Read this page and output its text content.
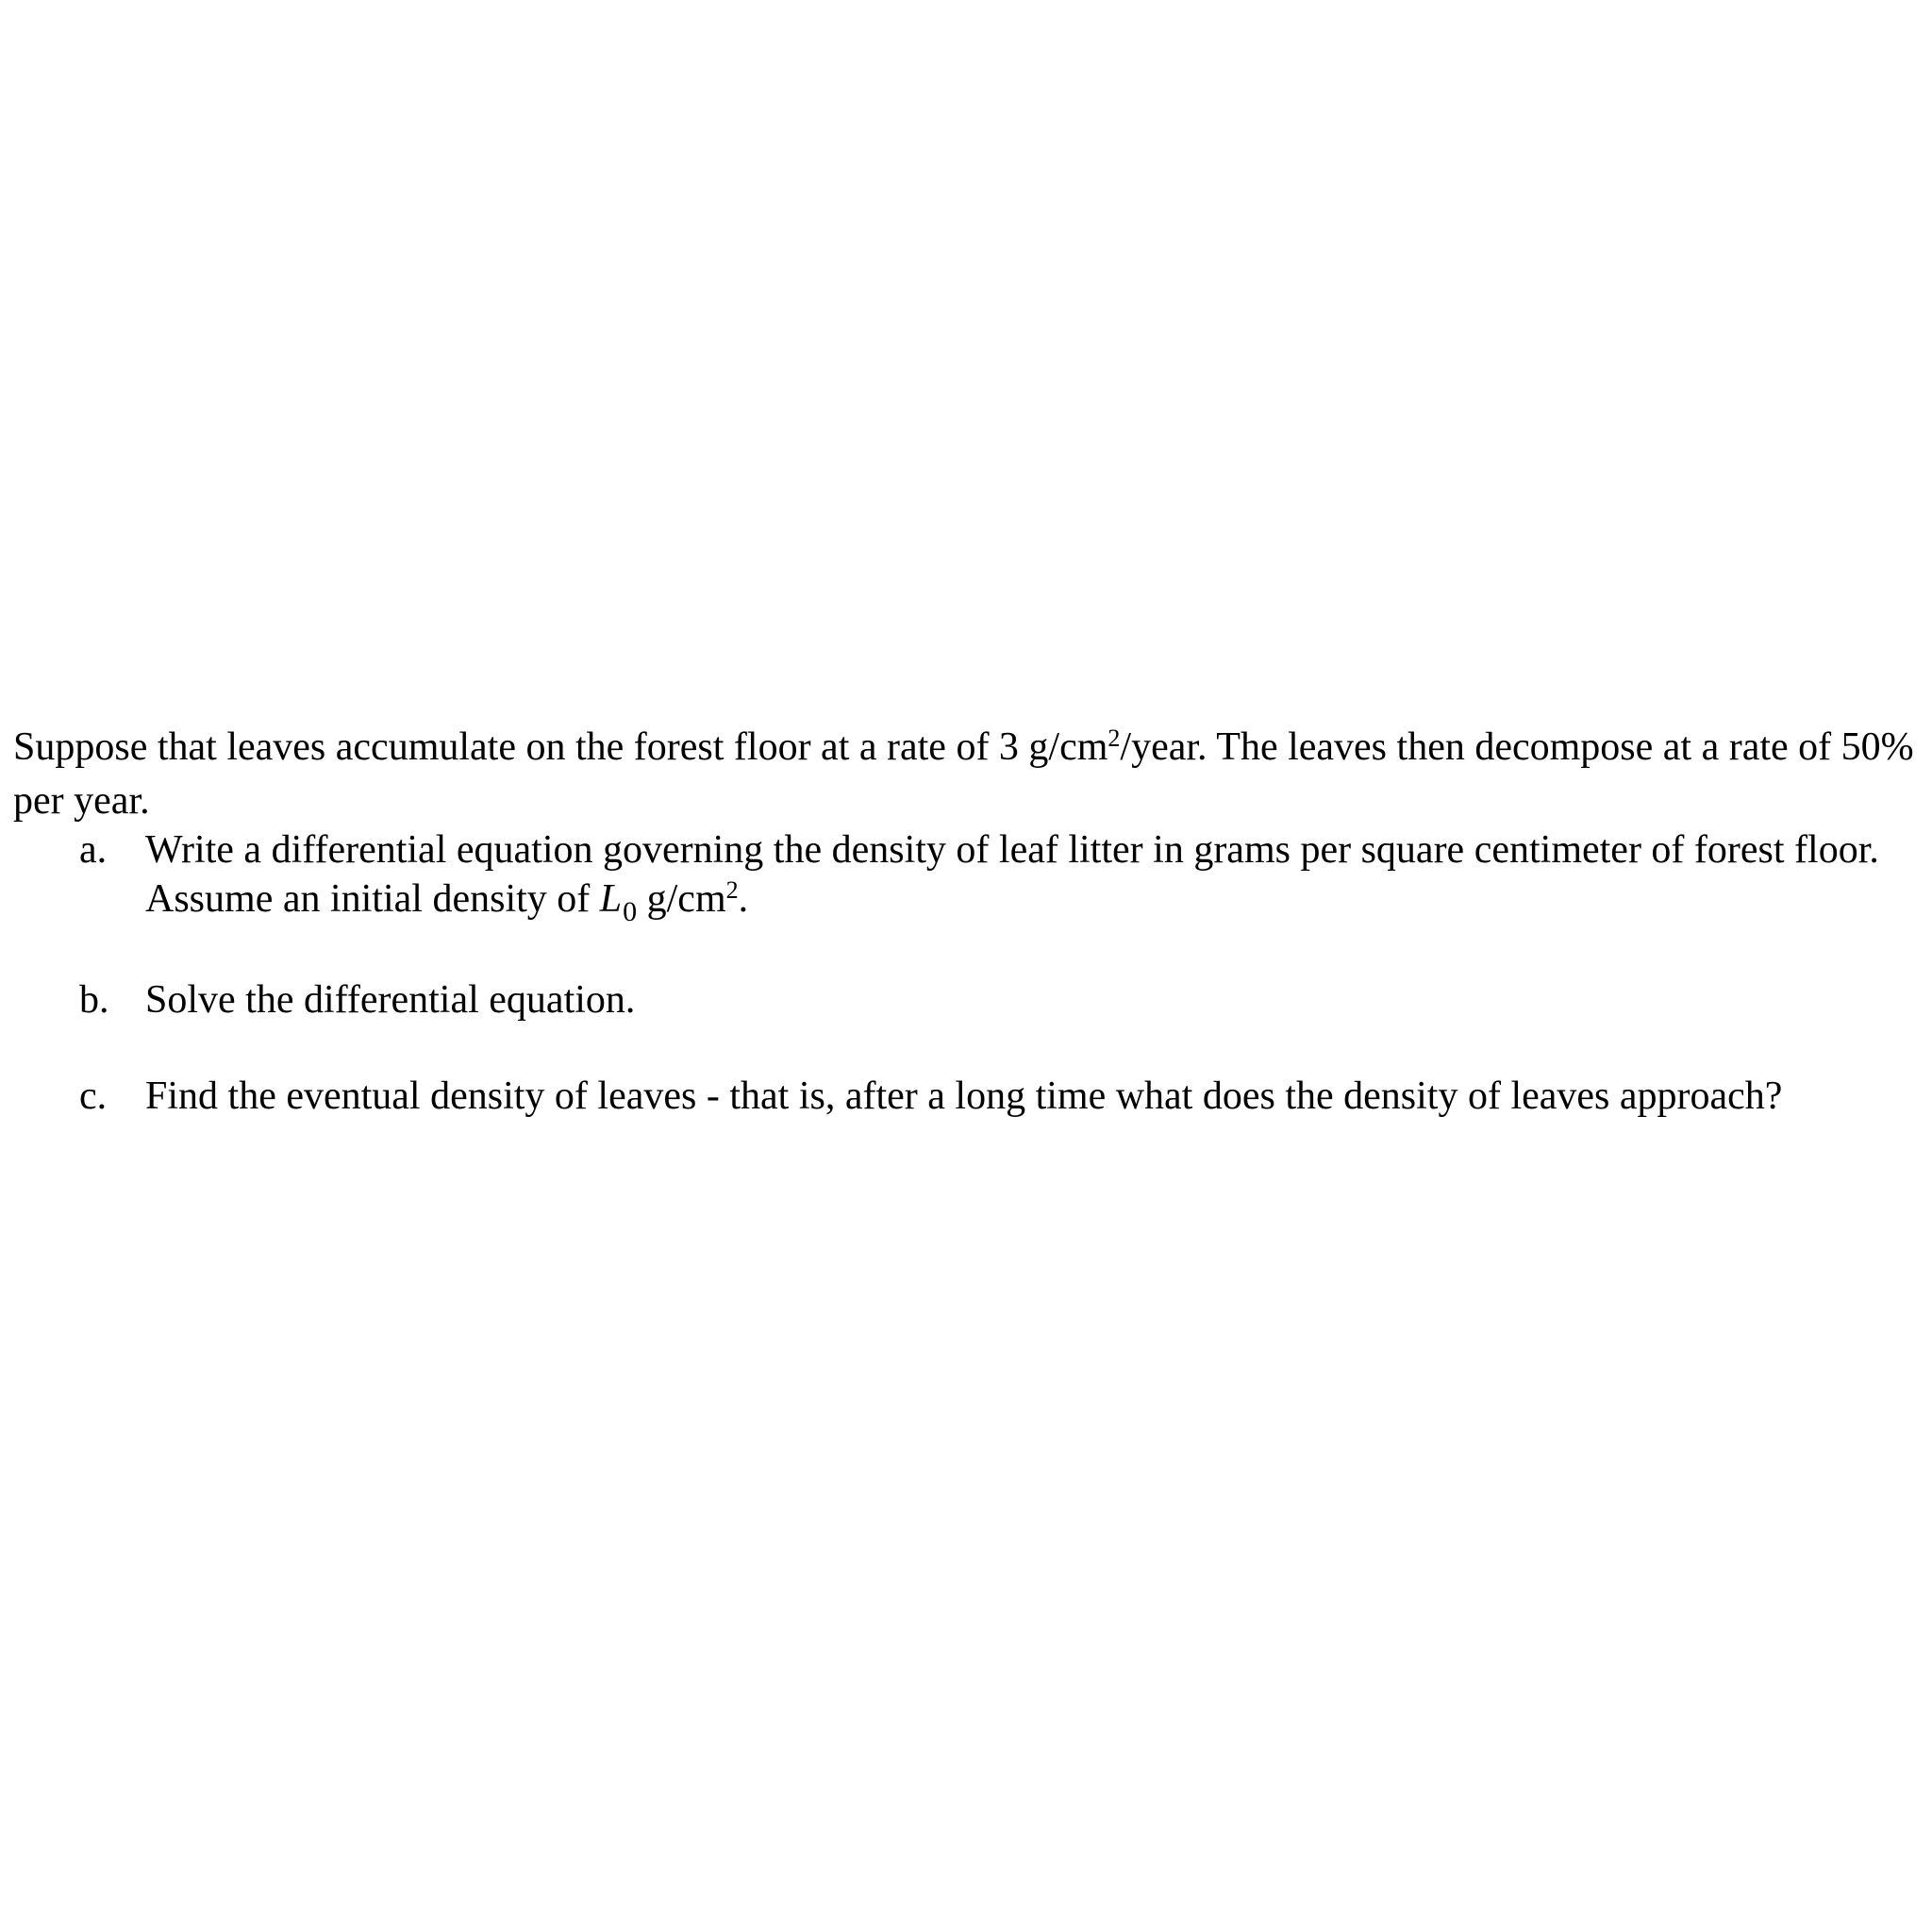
Suppose that leaves accumulate on the forest floor at a rate of 3 $g/cm^2$/year. The leaves then decompose at a rate of 50% per year.

a. Write a differential equation governing the density of leaf litter in grams per square centimeter of forest floor. Assume an initial density of $L_0$ $g/cm^2$.
b. Solve the differential equation.
c. Find the eventual density of leaves - that is, after a long time what does the density of leaves approach?
